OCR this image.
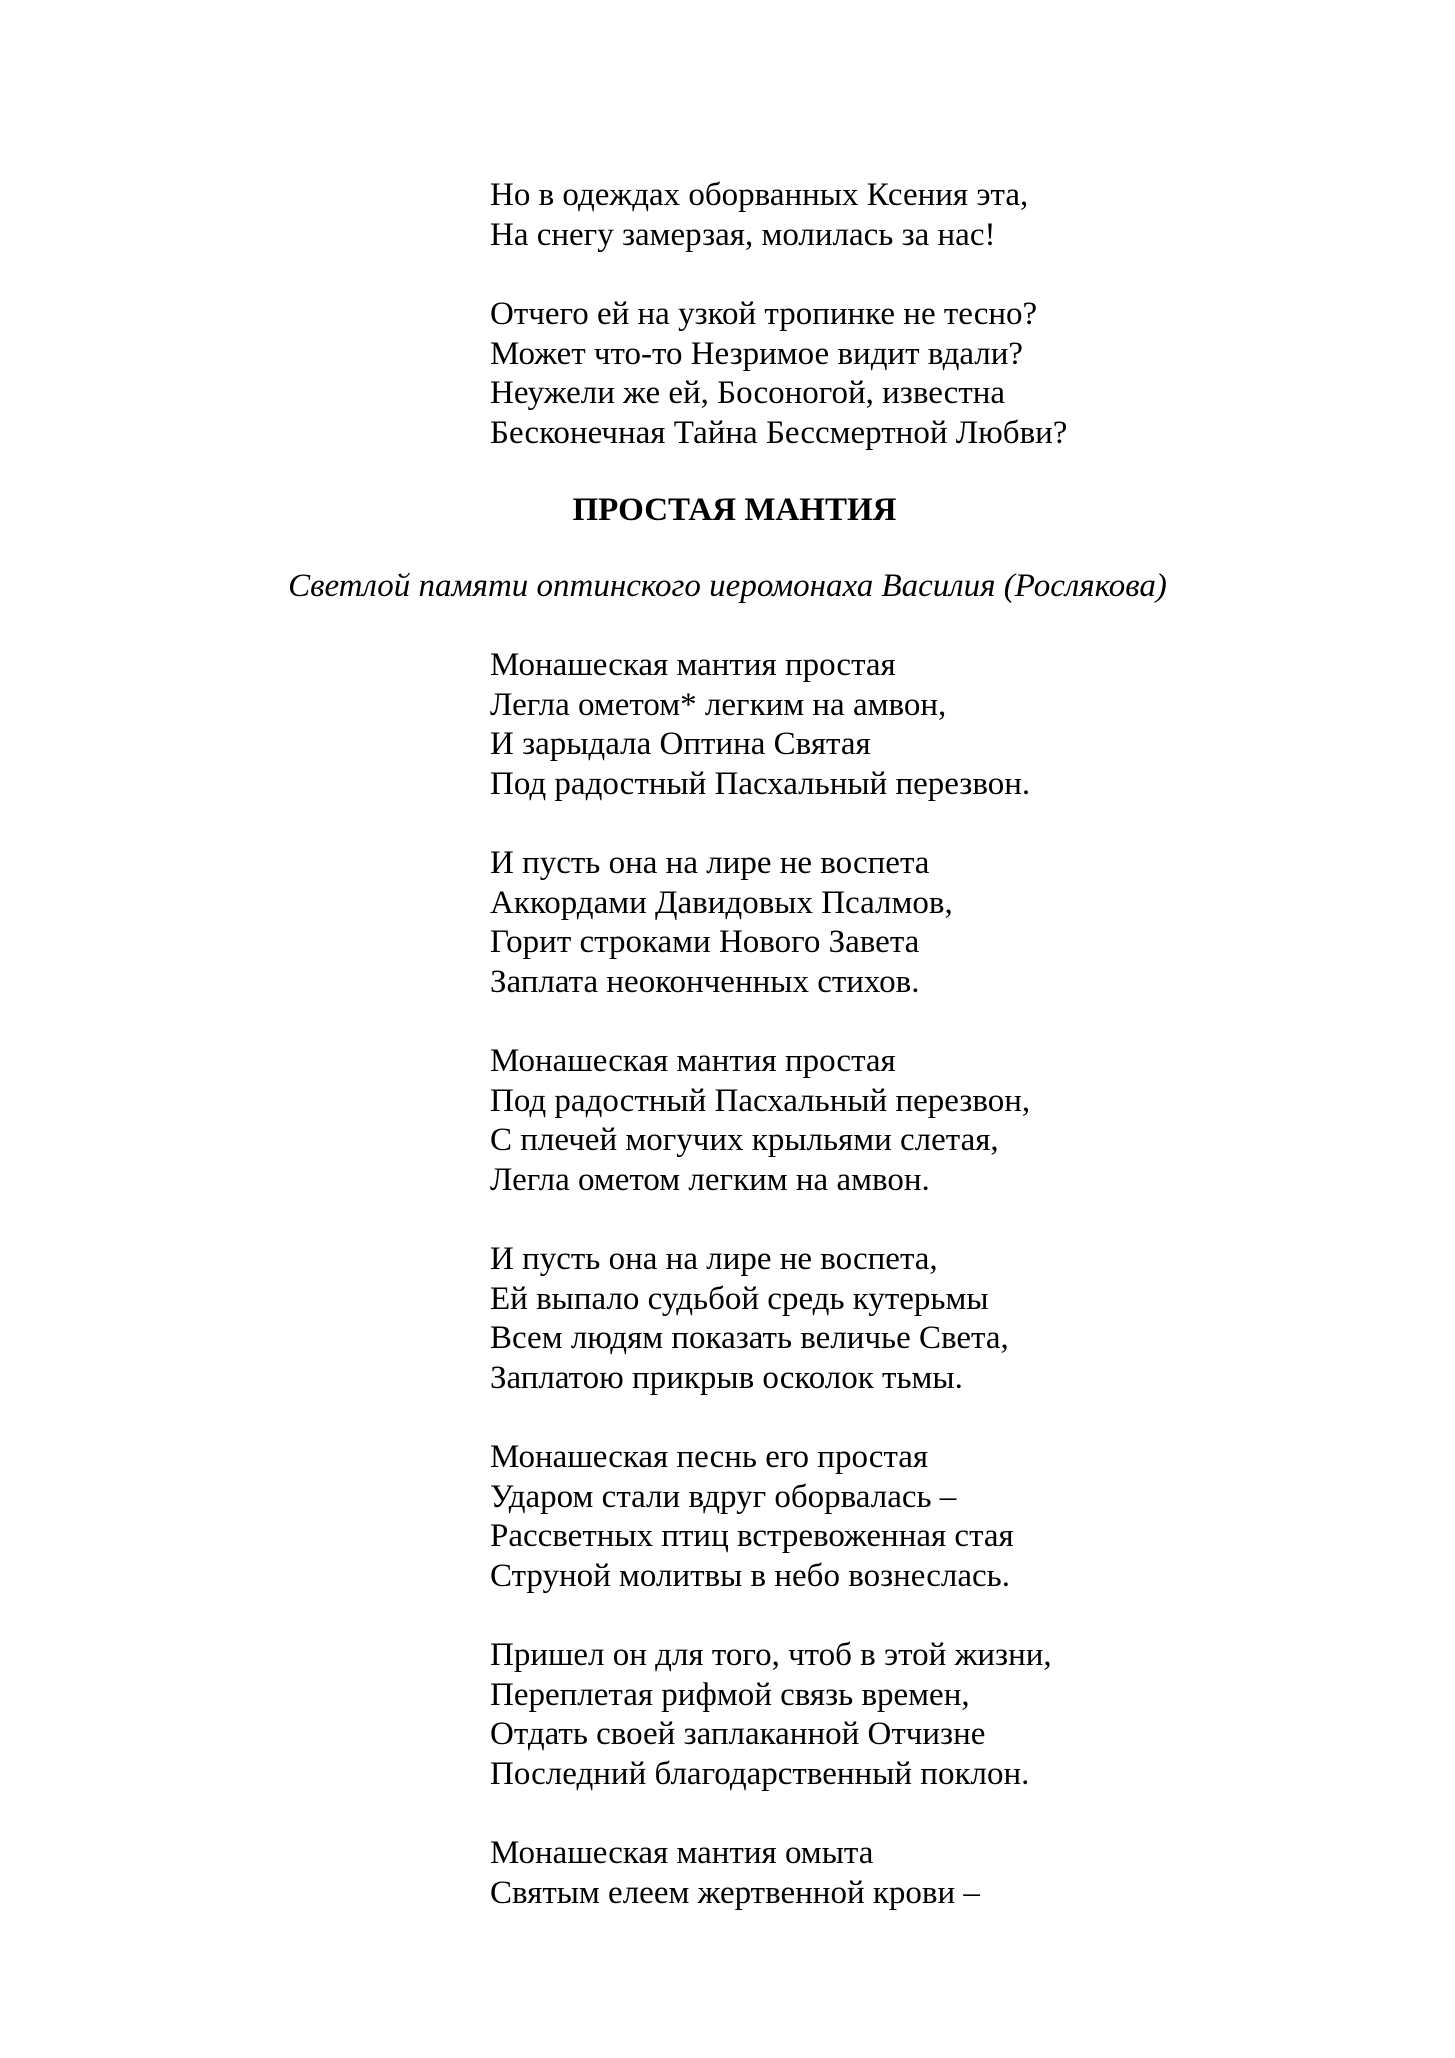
Но в одеждах оборванных Ксения эта,
На снегу замерзая, молилась за нас!
Отчего ей на узкой тропинке не тесно?
Может что-то Незримое видит вдали?
Неужели же ей, Босоногой, известна
Бесконечная Тайна Бессмертной Любви?
ПРОСТАЯ МАНТИЯ
Светлой памяти оптинского иеромонаха Василия (Рослякова)
Монашеская мантия простая
Легла ометом* легким на амвон,
И зарыдала Оптина Святая
Под радостный Пасхальный перезвон.
И пусть она на лире не воспета
Аккордами Давидовых Псалмов,
Горит строками Нового Завета
Заплата неоконченных стихов.
Монашеская мантия простая
Под радостный Пасхальный перезвон,
С плечей могучих крыльями слетая,
Легла ометом легким на амвон.
И пусть она на лире не воспета,
Ей выпало судьбой средь кутерьмы
Всем людям показать величье Света,
Заплатою прикрыв осколок тьмы.
Монашеская песнь его простая
Ударом стали вдруг оборвалась –
Рассветных птиц встревоженная стая
Струной молитвы в небо вознеслась.
Пришел он для того, чтоб в этой жизни,
Переплетая рифмой связь времен,
Отдать своей заплаканной Отчизне
Последний благодарственный поклон.
Монашеская мантия омыта
Святым елеем жертвенной крови –
